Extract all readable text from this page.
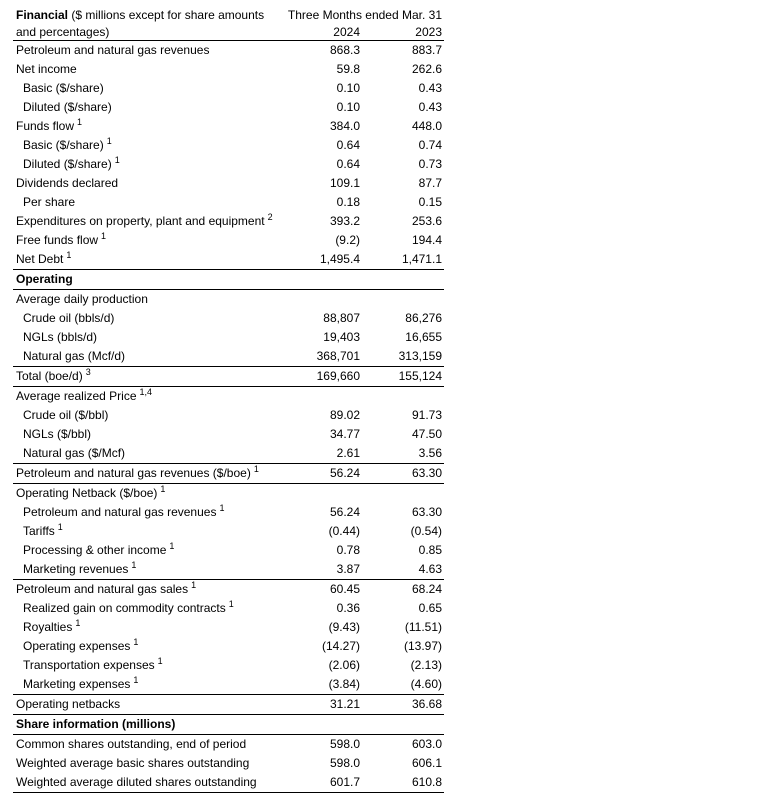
Financial ($ millions except for share amounts and percentages)
Three Months ended Mar. 31
2024	2023
Petroleum and natural gas revenues	868.3	883.7
Net income	59.8	262.6
Basic ($/share)	0.10	0.43
Diluted ($/share)	0.10	0.43
Funds flow $^1$	384.0	448.0
Basic ($/share) $^1$	0.64	0.74
Diluted ($/share) $^1$	0.64	0.73
Dividends declared	109.1	87.7
Per share	0.18	0.15
Expenditures on property, plant and equipment $^2$	393.2	253.6
Free funds flow $^1$	(9.2)	194.4
Net Debt $^1$	1,495.4	1,471.1
Operating
Average daily production
Crude oil (bbls/d)	88,807	86,276
NGLs (bbls/d)	19,403	16,655
Natural gas (Mcf/d)	368,701	313,159
Total (boe/d) $^3$	169,660	155,124
Average realized Price $^{1,4}$
Crude oil ($/bbl)	89.02	91.73
NGLs ($/bbl)	34.77	47.50
Natural gas ($/Mcf)	2.61	3.56
Petroleum and natural gas revenues ($/boe) $^1$	56.24	63.30
Operating Netback ($/boe) $^1$
Petroleum and natural gas revenues $^1$	56.24	63.30
Tariffs $^1$	(0.44)	(0.54)
Processing & other income $^1$	0.78	0.85
Marketing revenues $^1$	3.87	4.63
Petroleum and natural gas sales $^1$	60.45	68.24
Realized gain on commodity contracts $^1$	0.36	0.65
Royalties $^1$	(9.43)	(11.51)
Operating expenses $^1$	(14.27)	(13.97)
Transportation expenses $^1$	(2.06)	(2.13)
Marketing expenses $^1$	(3.84)	(4.60)
Operating netbacks	31.21	36.68
Share information (millions)
Common shares outstanding, end of period	598.0	603.0
Weighted average basic shares outstanding	598.0	606.1
Weighted average diluted shares outstanding	601.7	610.8
